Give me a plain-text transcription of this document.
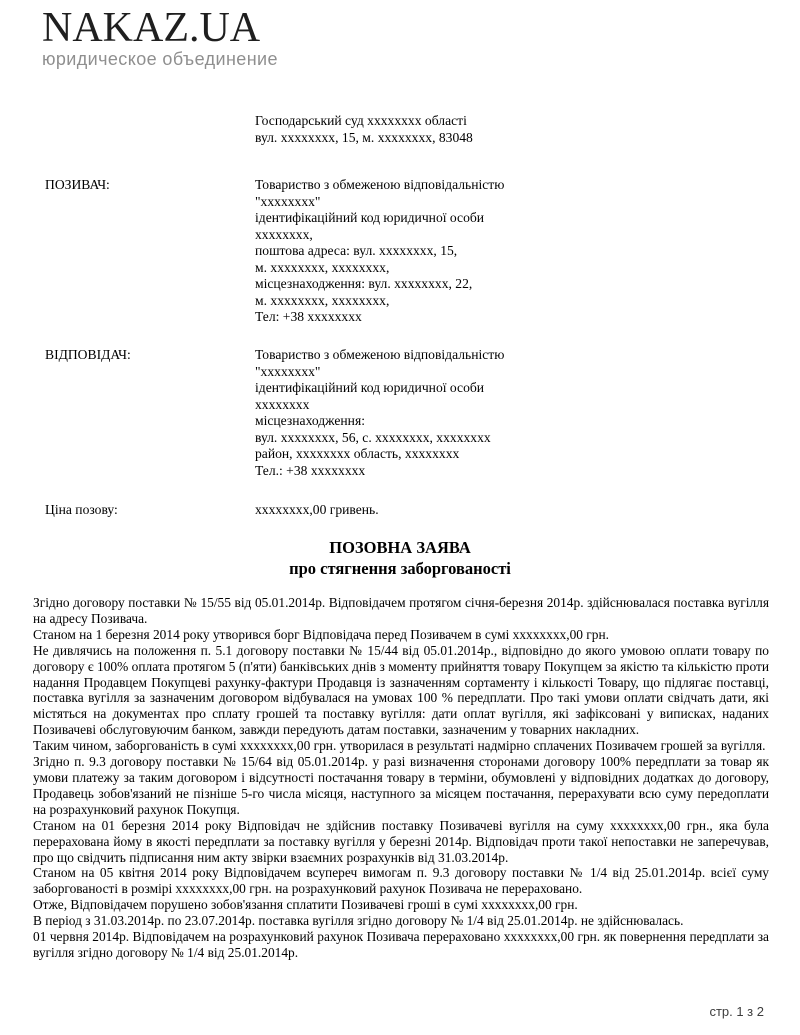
NAKAZ.UA
юридическое объединение
Господарський суд хххххххх області
вул. хххххххх, 15, м. хххххххх, 83048
ПОЗИВАЧ:	Товариство з обмеженою відповідальністю
"хххххххх"
ідентифікаційний код юридичної особи
хххххххх,
поштова адреса: вул. хххххххх, 15,
м. хххххххх, хххххххх,
місцезнаходження: вул. хххххххх, 22,
м. хххххххх, хххххххх,
Тел: +38 хххххххх
ВІДПОВІДАЧ:	Товариство з обмеженою відповідальністю
"хххххххх"
ідентифікаційний код юридичної особи
хххххххх
місцезнаходження:
вул. хххххххх, 56, с. хххххххх, хххххххх
район, хххххххх область, хххххххх
Тел.: +38 хххххххх
Ціна позову:	хххххххх,00 гривень.
ПОЗОВНА ЗАЯВА
про стягнення заборгованості

Згідно договору поставки № 15/55 від 05.01.2014р. Відповідачем протягом січня-березня 2014р. здійснювалася поставка вугілля на адресу Позивача.

Станом на 1 березня 2014 року утворився борг Відповідача перед Позивачем в сумі хххххххх,00 грн.

Не дивлячись на положення п. 5.1 договору поставки № 15/44 від 05.01.2014р., відповідно до якого умовою оплати товару по договору є 100% оплата протягом 5 (п'яти) банківських днів з моменту прийняття товару Покупцем за якістю та кількістю проти надання Продавцем Покупцеві рахунку-фактури Продавця із зазначенням сортаменту і кількості Товару, що підлягає поставці, поставка вугілля за зазначеним договором відбувалася на умовах 100 % передплати. Про такі умови оплати свідчать дати, які містяться на документах про сплату грошей та поставку вугілля: дати оплат вугілля, які зафіксовані у виписках, наданих Позивачеві обслуговуючим банком, завжди передують датам поставки, зазначеним у товарних накладних.

Таким чином, заборгованість в сумі хххххххх,00 грн. утворилася в результаті надмірно сплачених Позивачем грошей за вугілля.

Згідно п. 9.3 договору поставки № 15/64 від 05.01.2014р. у разі визначення сторонами договору 100% передплати за товар як умови платежу за таким договором і відсутності постачання товару в терміни, обумовлені у відповідних додатках до договору, Продавець зобов'язаний не пізніше 5-го числа місяця, наступного за місяцем постачання, перерахувати всю суму передоплати на розрахунковий рахунок Покупця.

Станом на 01 березня 2014 року Відповідач не здійснив поставку Позивачеві вугілля на суму хххххххх,00 грн., яка була перерахована йому в якості передплати за поставку вугілля у березні 2014р. Відповідач проти такої непоставки не заперечував, про що свідчить підписання ним акту звірки взаємних розрахунків від 31.03.2014р.

Станом на 05 квітня 2014 року Відповідачем всупереч вимогам п. 9.3 договору поставки № 1/4 від 25.01.2014р. всієї суму заборгованості в розмірі хххххххх,00 грн. на розрахунковий рахунок Позивача не перераховано.

Отже, Відповідачем порушено зобов'язання сплатити Позивачеві гроші в сумі хххххххх,00 грн.

В період з 31.03.2014р. по 23.07.2014р. поставка вугілля згідно договору № 1/4 від 25.01.2014р. не здійснювалась.

01 червня 2014р. Відповідачем на розрахунковий рахунок Позивача перераховано хххххххх,00 грн. як повернення передплати за вугілля згідно договору № 1/4 від 25.01.2014р.

стр. 1 з 2
